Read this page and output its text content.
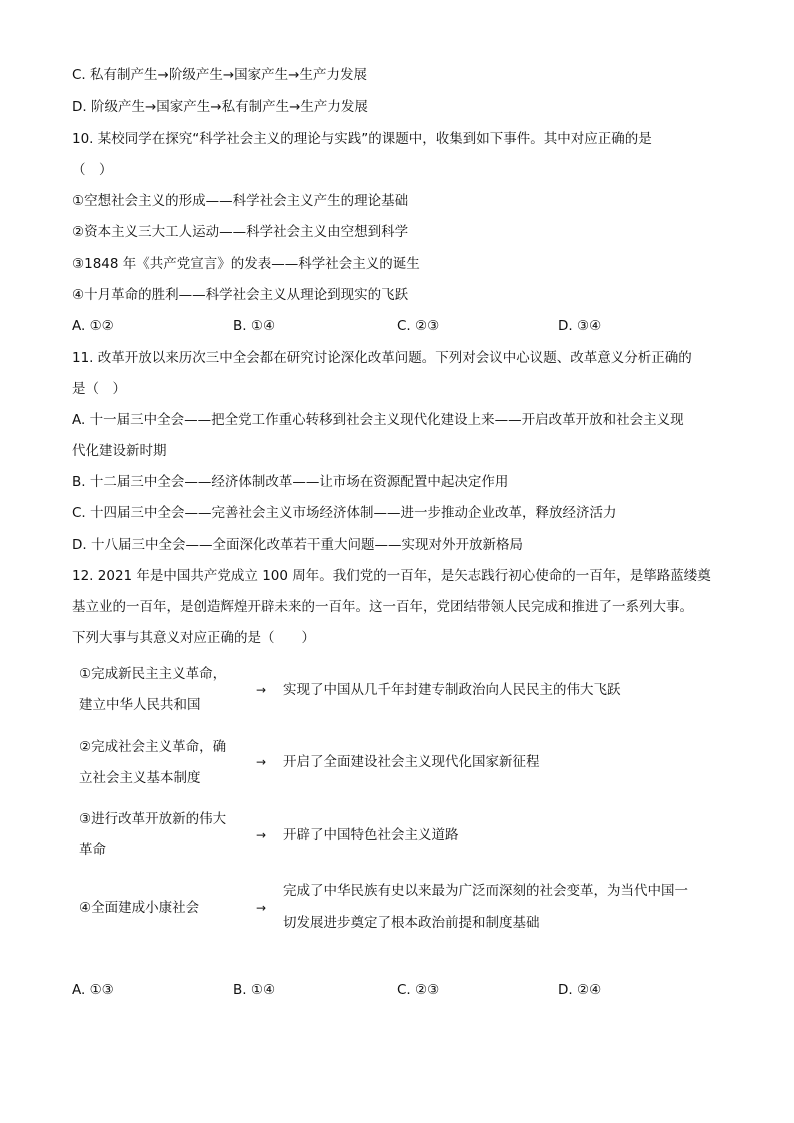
C. 私有制产生→阶级产生→国家产生→生产力发展
D. 阶级产生→国家产生→私有制产生→生产力发展
10. 某校同学在探究“科学社会主义的理论与实践”的课题中，收集到如下事件。其中对应正确的是
（　）
①空想社会主义的形成——科学社会主义产生的理论基础
②资本主义三大工人运动——科学社会主义由空想到科学
③1848 年《共产党宣言》的发表——科学社会主义的诞生
④十月革命的胜利——科学社会主义从理论到现实的飞跃
A. ①②	B. ①④	C. ②③	D. ③④
11. 改革开放以来历次三中全会都在研究讨论深化改革问题。下列对会议中心议题、改革意义分析正确的
是（　）
A. 十一届三中全会——把全党工作重心转移到社会主义现代化建设上来——开启改革开放和社会主义现
代化建设新时期
B. 十二届三中全会——经济体制改革——让市场在资源配置中起决定作用
C. 十四届三中全会——完善社会主义市场经济体制——进一步推动企业改革，释放经济活力
D. 十八届三中全会——全面深化改革若干重大问题——实现对外开放新格局
12. 2021 年是中国共产党成立 100 周年。我们党的一百年，是矢志践行初心使命的一百年，是筚路蓝缕奠
基立业的一百年，是创造辉煌开辟未来的一百年。这一百年，党团结带领人民完成和推进了一系列大事。
下列大事与其意义对应正确的是（　　）
①完成新民主主义革命，
建立中华人民共和国
→ 实现了中国从几千年封建专制政治向人民民主的伟大飞跃
②完成社会主义革命，确
立社会主义基本制度
→ 开启了全面建设社会主义现代化国家新征程
③进行改革开放新的伟大
革命
→ 开辟了中国特色社会主义道路
④全面建成小康社会	→
完成了中华民族有史以来最为广泛而深刻的社会变革，为当代中国一
切发展进步奠定了根本政治前提和制度基础
A. ①③	B. ①④	C. ②③	D. ②④
